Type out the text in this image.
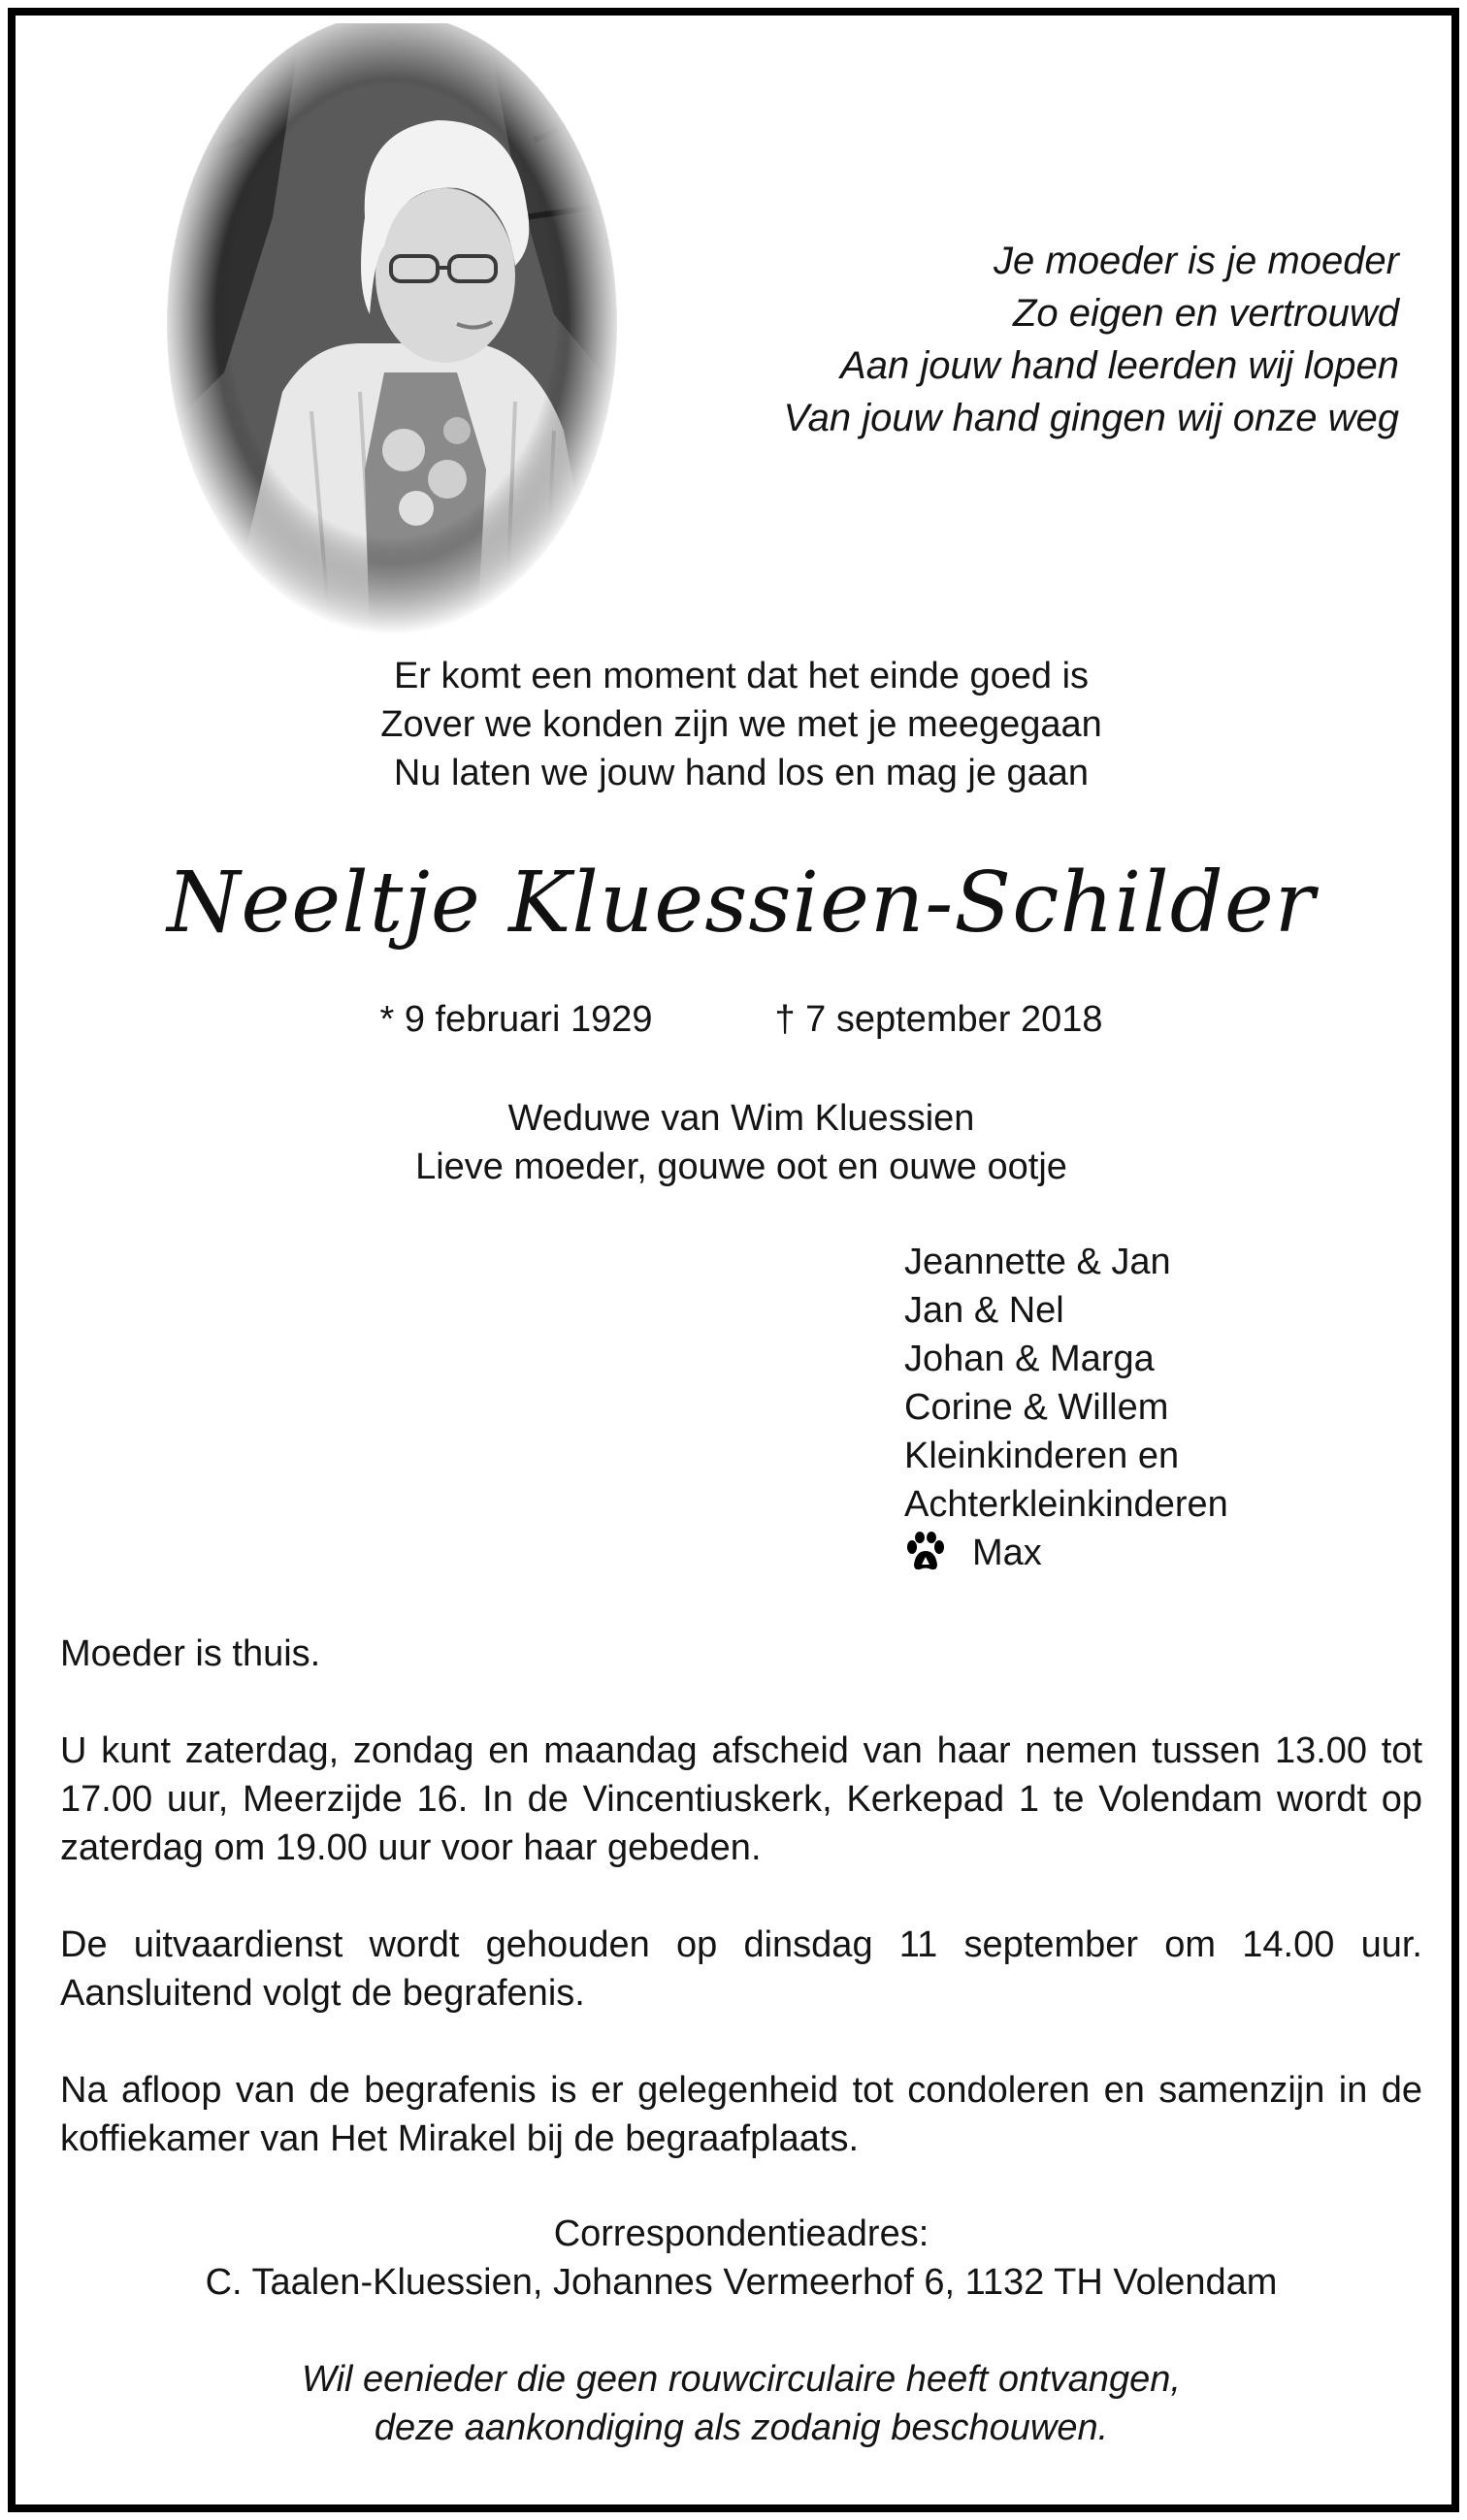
Je moeder is je moeder
Zo eigen en vertrouwd
Aan jouw hand leerden wij lopen
Van jouw hand gingen wij onze weg
Er komt een moment dat het einde goed is
Zover we konden zijn we met je meegegaan
Nu laten we jouw hand los en mag je gaan
Neeltje Kluessien-Schilder
* 9 februari 1929	† 7 september 2018
Weduwe van Wim Kluessien
Lieve moeder, gouwe oot en ouwe ootje
Jeannette & Jan
Jan & Nel
Johan & Marga
Corine & Willem
Kleinkinderen en
Achterkleinkinderen
Max
Moeder is thuis.
U kunt zaterdag, zondag en maandag afscheid van haar nemen tussen 13.00 tot 17.00 uur, Meerzijde 16. In de Vincentiuskerk, Kerkepad 1 te Volendam wordt op zaterdag om 19.00 uur voor haar gebeden.
De uitvaardienst wordt gehouden op dinsdag 11 september om 14.00 uur. Aansluitend volgt de begrafenis.
Na afloop van de begrafenis is er gelegenheid tot condoleren en samenzijn in de koffiekamer van Het Mirakel bij de begraafplaats.
Correspondentieadres:
C. Taalen-Kluessien, Johannes Vermeerhof 6, 1132 TH Volendam
Wil eenieder die geen rouwcirculaire heeft ontvangen,
deze aankondiging als zodanig beschouwen.
